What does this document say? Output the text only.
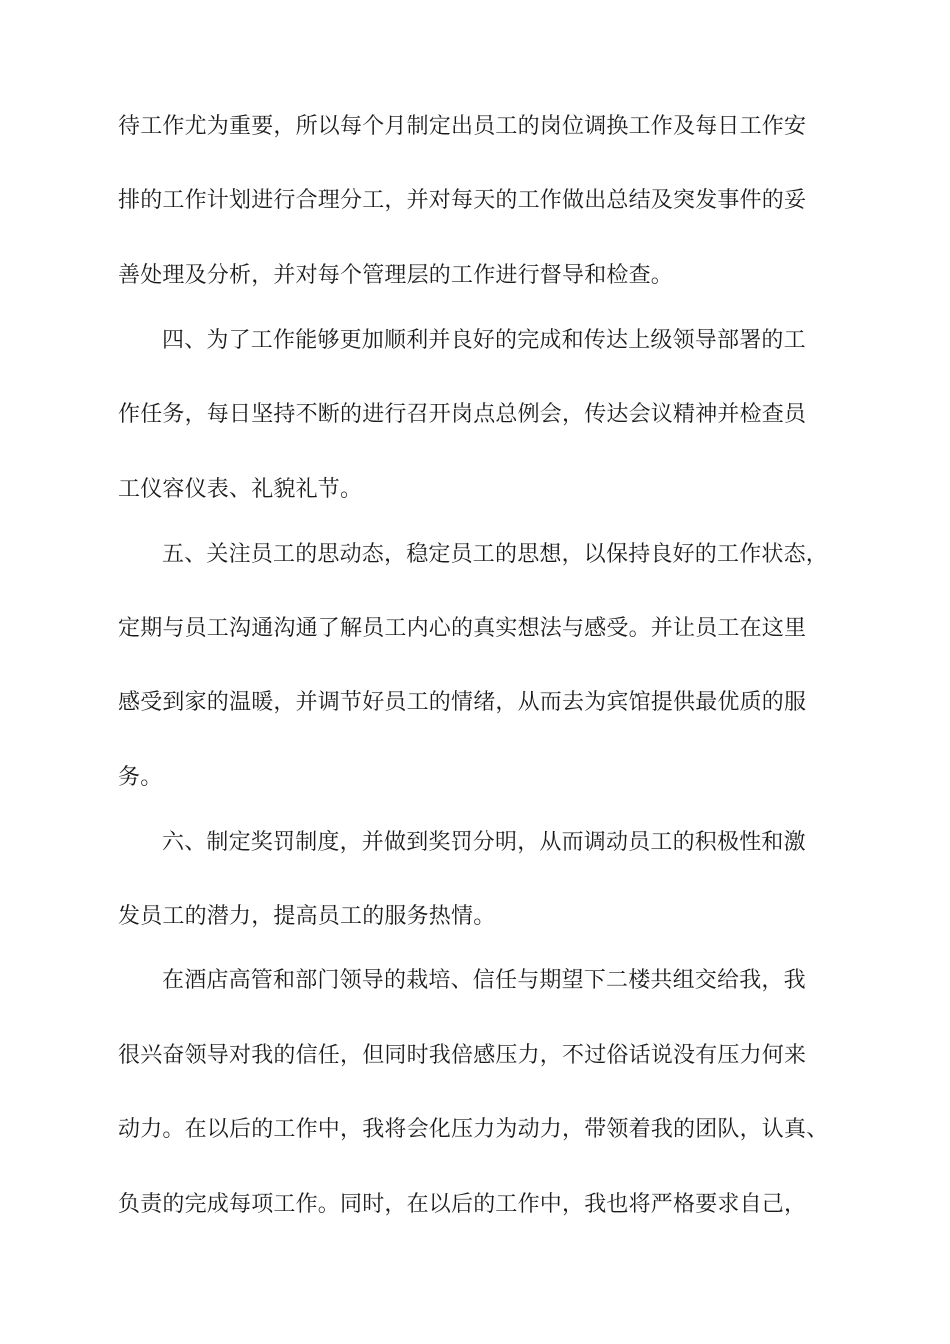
待工作尤为重要，所以每个月制定出员工的岗位调换工作及每日工作安
排的工作计划进行合理分工，并对每天的工作做出总结及突发事件的妥
善处理及分析，并对每个管理层的工作进行督导和检查。
四、为了工作能够更加顺利并良好的完成和传达上级领导部署的工
作任务，每日坚持不断的进行召开岗点总例会，传达会议精神并检查员
工仪容仪表、礼貌礼节。
五、关注员工的思动态，稳定员工的思想，以保持良好的工作状态，
定期与员工沟通沟通了解员工内心的真实想法与感受。并让员工在这里
感受到家的温暖，并调节好员工的情绪，从而去为宾馆提供最优质的服
务。
六、制定奖罚制度，并做到奖罚分明，从而调动员工的积极性和激
发员工的潜力，提高员工的服务热情。
在酒店高管和部门领导的栽培、信任与期望下二楼共组交给我，我
很兴奋领导对我的信任，但同时我倍感压力，不过俗话说没有压力何来
动力。在以后的工作中，我将会化压力为动力，带领着我的团队，认真、
负责的完成每项工作。同时，在以后的工作中，我也将严格要求自己，
